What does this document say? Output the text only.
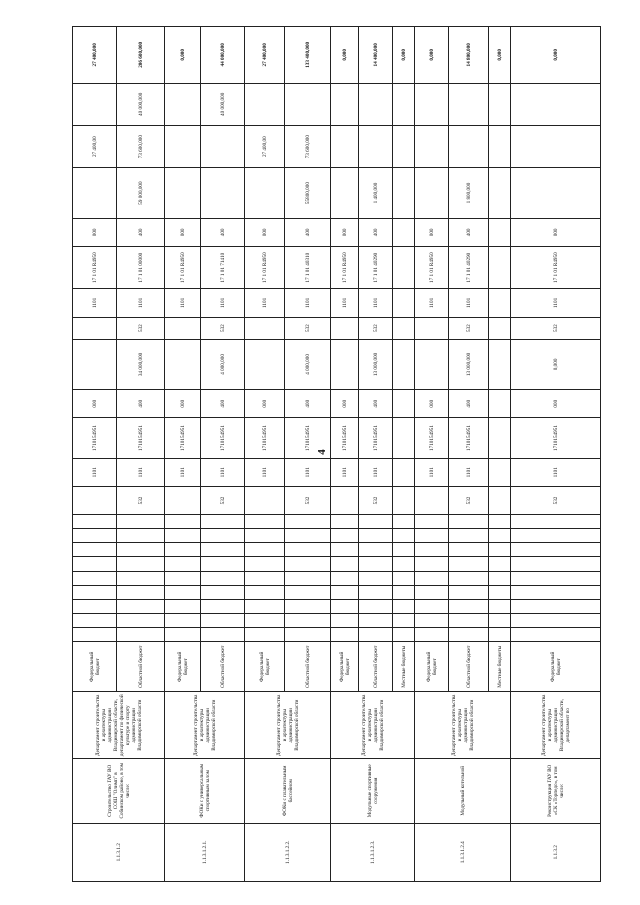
4
1.1.3.1.2	Строительство ГАУ ВО СОШ "Олимп" в Собинском районе, в том числе:	Департамент строительства и архитектуры администрации Владимирской области, департамент по физической культуре и спорту администрации Владимирской области	Федеральный бюджет											1101	1710154951	000			1101	17 1 01 R4950	000		27 400,00		27 400,000
			Областной бюджет										532	1101	1710154951	400	34 000,000	532	1101	17 1 01 00000	400	59 000,000	73 600,000	40 000,000	206 600,000
1.1.3.1.2.1.	ФОКи с универсальным спортивным залом	Департамент строительства и архитектуры администрации Владимирской области	Федеральный бюджет											1101	1710154951	000			1101	17 1 01 R4950	000				0,000
			Областной бюджет										532	1101	1710154951	400	4 000,000	532	1101	17 1 01 71410	400			40 000,000	44 000,000
1.1.3.1.2.2.	ФОКи с плавательным бассейном	Департамент строительства и архитектуры администрации Владимирской области	Федеральный бюджет											1101	1710154951	000			1101	17 1 01 R4950	000		27 400,00		27 400,000
			Областной бюджет										532	1101	1710154951	400	4 000,000	532	1101	17 1 01 40310	400	55800,000	73 600,000		133 400,000
1.1.3.1.2.3.	Модульные спортивные сооружения	Департамент строительства и архитектуры администрации Владимирской области	Федеральный бюджет											1101	1710154951	000			1101	17 1 01 R4950	000				0,000
			Областной бюджет										532	1101	1710154951	400	13 000,000	532	1101	17 1 01 40290	400	1 400,000			14 400,000
			Местные бюджеты																						0,000
1.1.3.1.2.4	Модульный котельной	Департамент строительства и архитектуры администрации Владимирской области	Федеральный бюджет											1101	1710154951	000			1101	17 1 01 R4950	000				0,000
			Областной бюджет										532	1101	1710154951	400	13 000,000	532	1101	17 1 01 40290	400	1 800,000			14 800,000
			Местные бюджеты																						0,000
1.1.3.2	Реконструкция ГАУ ВО «СК «Торпедо», в том числе:	Департамент строительства и архитектуры администрации Владимирской области, департамент по	Федеральный бюджет										532	1101	1710154951	000	0,000	532	1101	17 1 01 R4950	000				0,000
